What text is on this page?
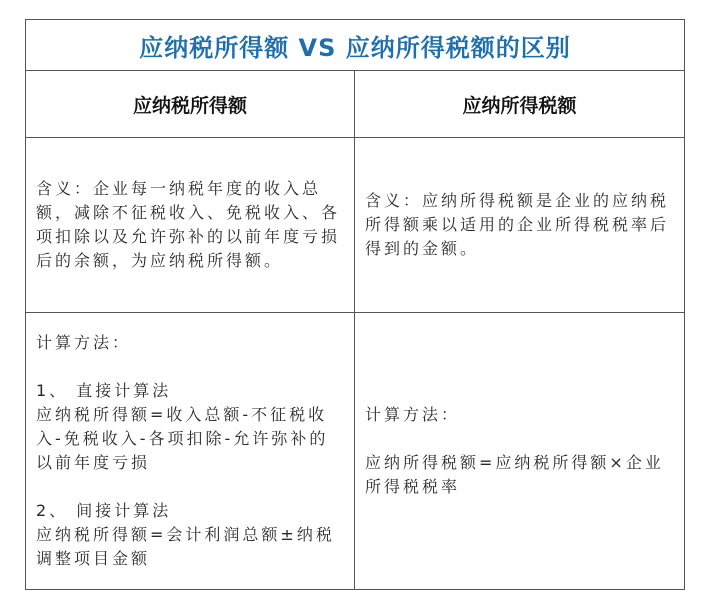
应纳税所得额 VS 应纳所得税额的区别
应纳税所得额	应纳所得税额
含义：企业每一纳税年度的收入总额，减除不征税收入、免税收入、各项扣除以及允许弥补的以前年度亏损后的余额，为应纳税所得额。
含义：应纳所得税额是企业的应纳税所得额乘以适用的企业所得税税率后得到的金额。
计算方法：
1、 直接计算法
应纳税所得额=收入总额-不征税收入-免税收入-各项扣除-允许弥补的以前年度亏损
2、 间接计算法
应纳税所得额=会计利润总额±纳税调整项目金额
计算方法：
应纳所得税额=应纳税所得额×企业所得税税率
